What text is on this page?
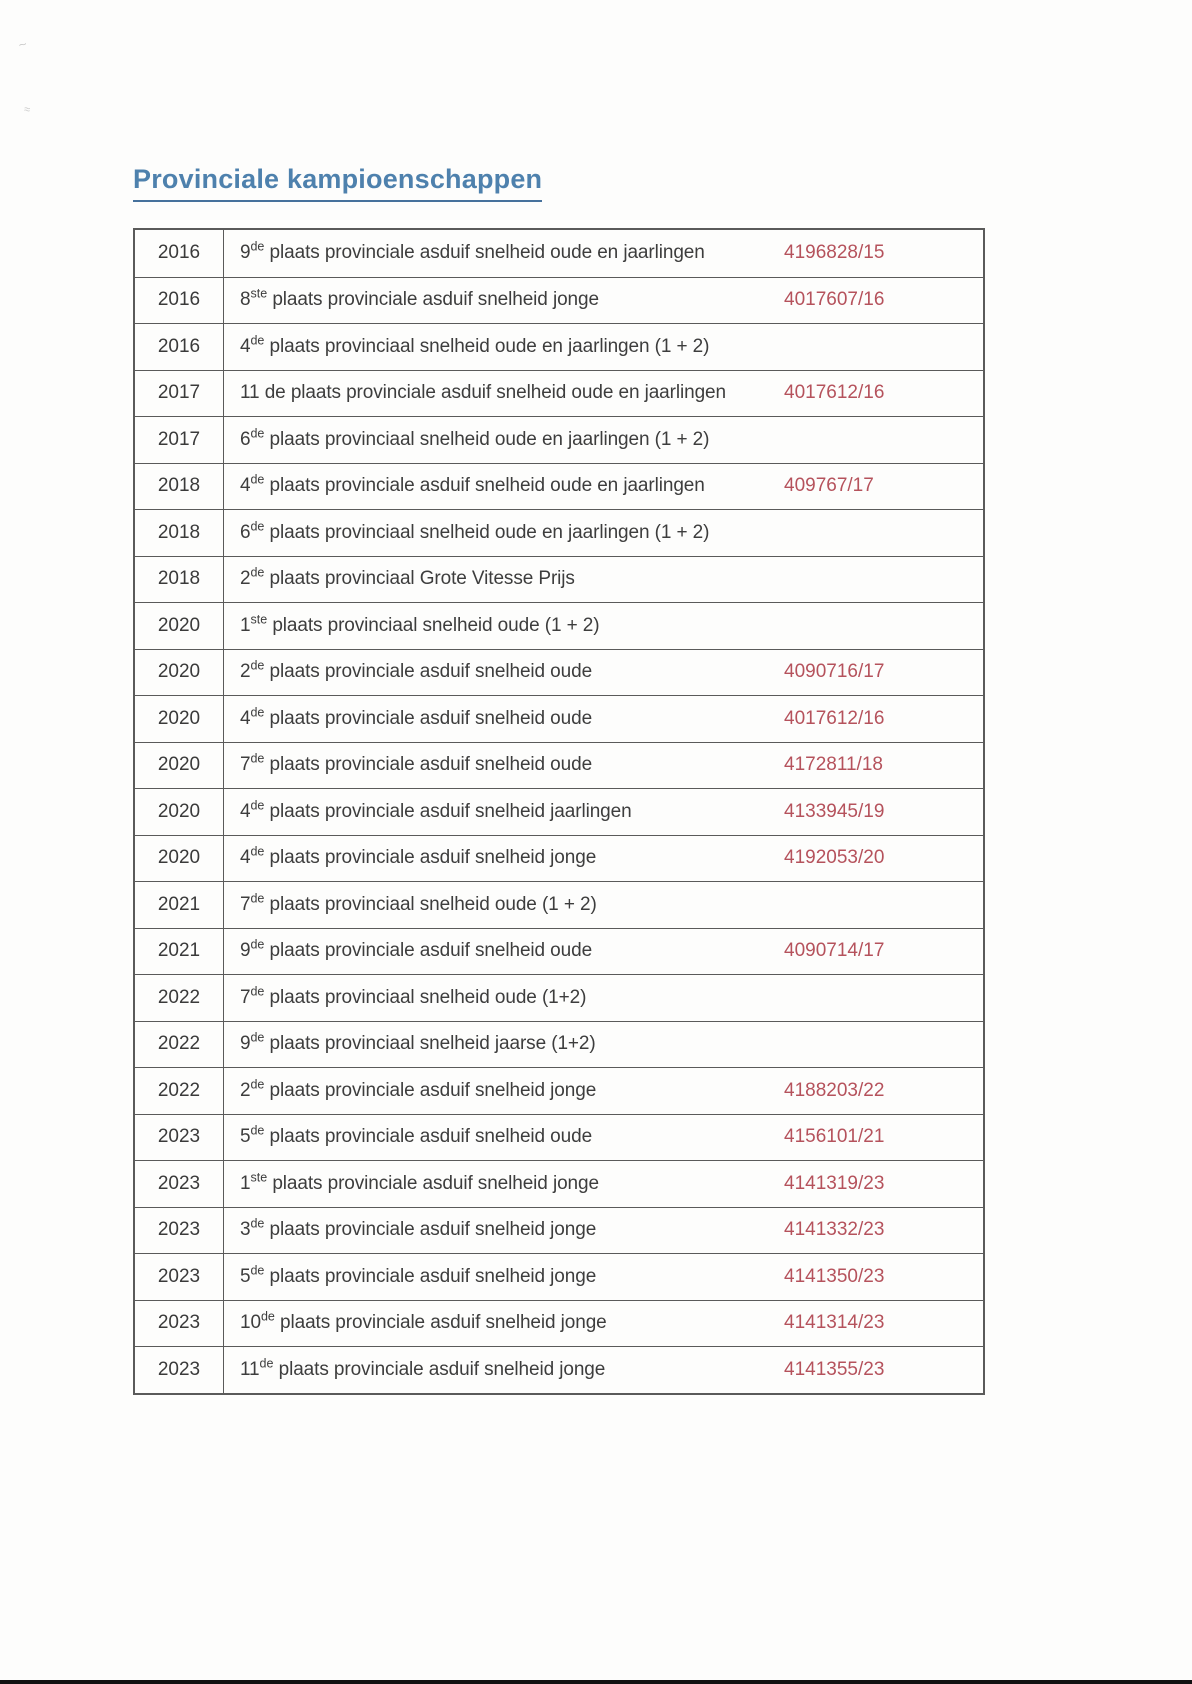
∼
≈
Provinciale kampioenschappen
2016	9de plaats provinciale asduif snelheid oude en jaarlingen	4196828/15
2016	8ste plaats provinciale asduif snelheid jonge	4017607/16
2016	4de plaats provinciaal snelheid oude en jaarlingen (1 + 2)
2017	11 de plaats provinciale asduif snelheid oude en jaarlingen	4017612/16
2017	6de plaats provinciaal snelheid oude en jaarlingen (1 + 2)
2018	4de plaats provinciale asduif snelheid oude en jaarlingen	409767/17
2018	6de plaats provinciaal snelheid oude en jaarlingen (1 + 2)
2018	2de plaats provinciaal Grote Vitesse Prijs
2020	1ste plaats provinciaal snelheid oude (1 + 2)
2020	2de plaats provinciale asduif snelheid oude	4090716/17
2020	4de plaats provinciale asduif snelheid oude	4017612/16
2020	7de plaats provinciale asduif snelheid oude	4172811/18
2020	4de plaats provinciale asduif snelheid jaarlingen	4133945/19
2020	4de plaats provinciale asduif snelheid jonge	4192053/20
2021	7de plaats provinciaal snelheid oude (1 + 2)
2021	9de plaats provinciale asduif snelheid oude	4090714/17
2022	7de plaats provinciaal snelheid oude (1+2)
2022	9de plaats provinciaal snelheid jaarse (1+2)
2022	2de plaats provinciale asduif snelheid jonge	4188203/22
2023	5de plaats provinciale asduif snelheid oude	4156101/21
2023	1ste plaats provinciale asduif snelheid jonge	4141319/23
2023	3de plaats provinciale asduif snelheid jonge	4141332/23
2023	5de plaats provinciale asduif snelheid jonge	4141350/23
2023	10de plaats provinciale asduif snelheid jonge	4141314/23
2023	11de plaats provinciale asduif snelheid jonge	4141355/23
